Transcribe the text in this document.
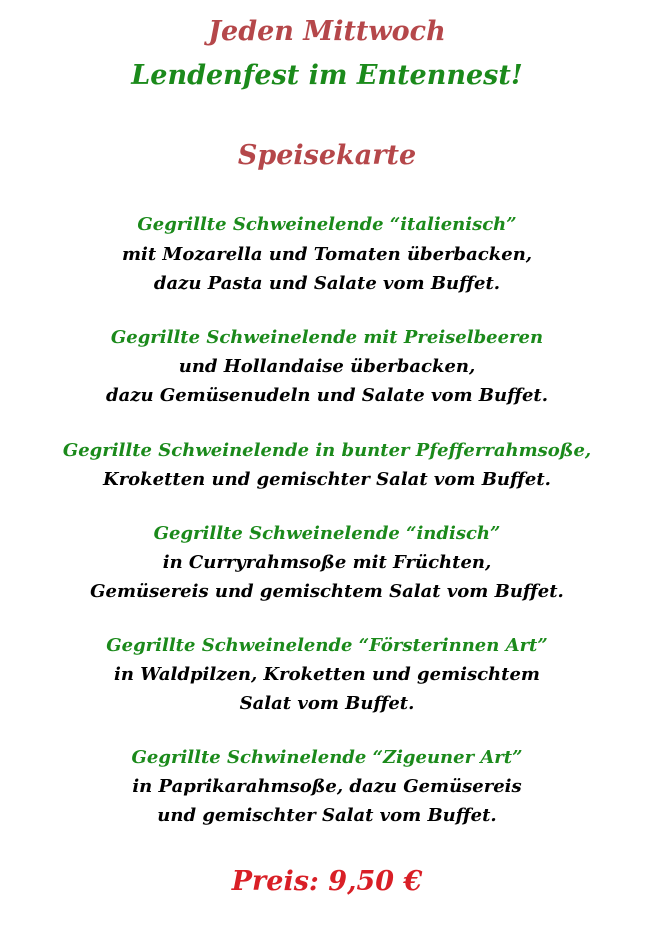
Jeden Mittwoch
Lendenfest im Entennest!
Speisekarte
Gegrillte Schweinelende “italienisch”
mit Mozarella und Tomaten überbacken,
dazu Pasta und Salate vom Buffet.
Gegrillte Schweinelende mit Preiselbeeren
und Hollandaise überbacken,
dazu Gemüsenudeln und Salate vom Buffet.
Gegrillte Schweinelende in bunter Pfefferrahmsoße,
Kroketten und gemischter Salat vom Buffet.
Gegrillte Schweinelende “indisch”
in Curryrahmsoße mit Früchten,
Gemüsereis und gemischtem Salat vom Buffet.
Gegrillte Schweinelende “Försterinnen Art”
in Waldpilzen, Kroketten und gemischtem
Salat vom Buffet.
Gegrillte Schwinelende “Zigeuner Art”
in Paprikarahmsoße, dazu Gemüsereis
und gemischter Salat vom Buffet.
Preis: 9,50 €
